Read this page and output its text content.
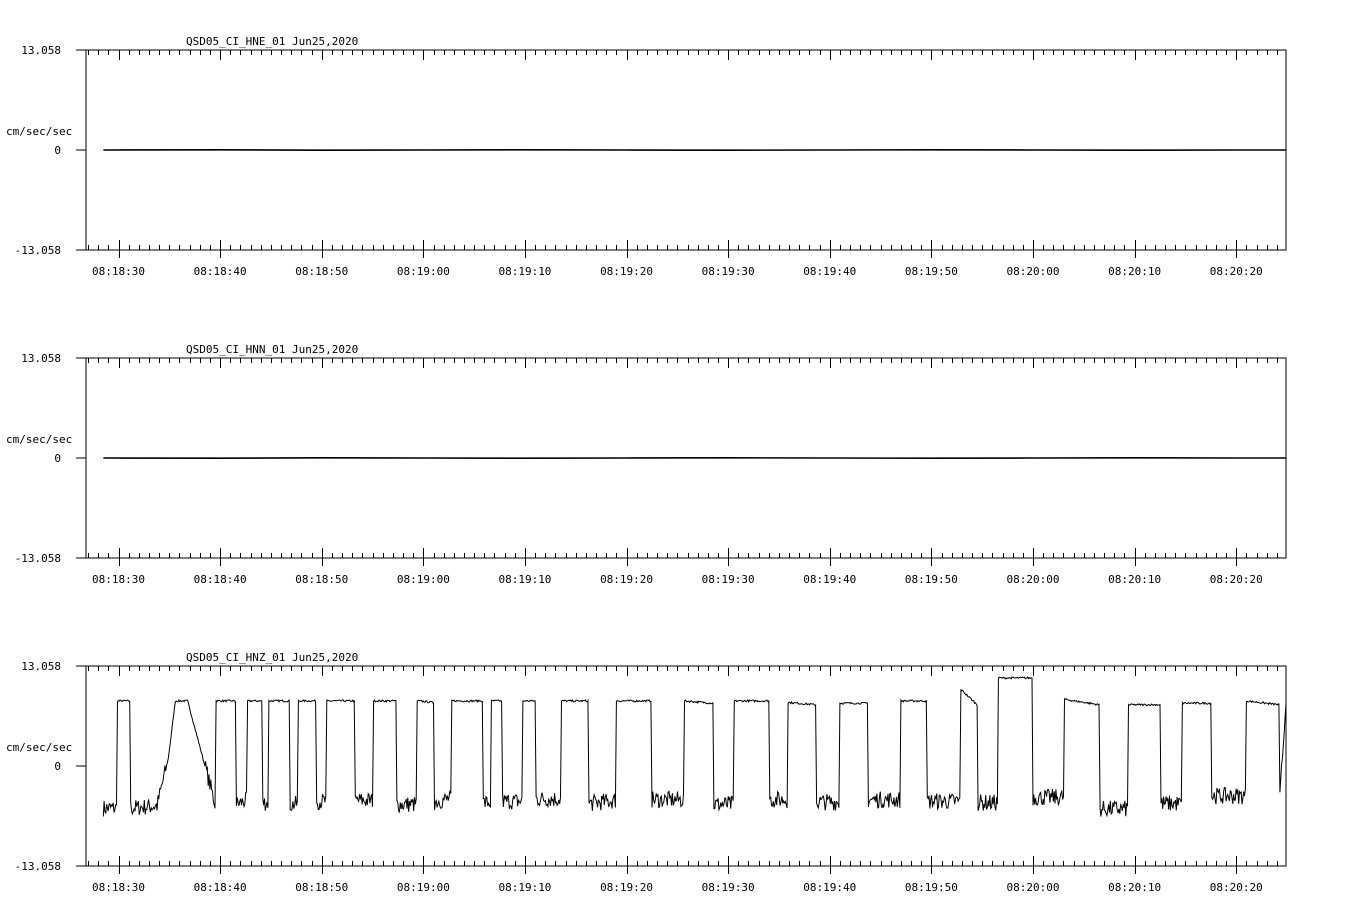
QSD05_CI_HNE_01 Jun25,2020
13.058
0
-13.058
cm/sec/sec
08:18:30	08:18:40	08:18:50	08:19:00	08:19:10	08:19:20	08:19:30	08:19:40	08:19:50	08:20:00	08:20:10	08:20:20
QSD05_CI_HNN_01 Jun25,2020
13.058
0
-13.058
cm/sec/sec
08:18:30	08:18:40	08:18:50	08:19:00	08:19:10	08:19:20	08:19:30	08:19:40	08:19:50	08:20:00	08:20:10	08:20:20
QSD05_CI_HNZ_01 Jun25,2020
13.058
0
-13.058
cm/sec/sec
08:18:30	08:18:40	08:18:50	08:19:00	08:19:10	08:19:20	08:19:30	08:19:40	08:19:50	08:20:00	08:20:10	08:20:20
